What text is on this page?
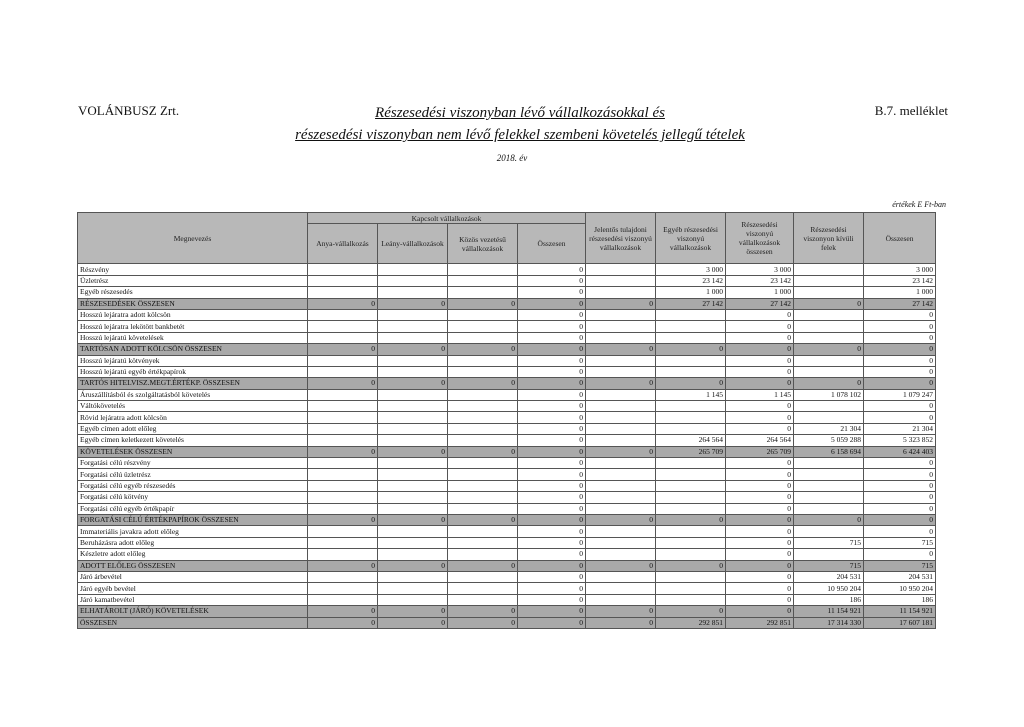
VOLÁNBUSZ Zrt.	Részesedési viszonyban lévő vállalkozásokkal és
részesedési viszonyban nem lévő felekkel szembeni követelés jellegű tételek
B.7. melléklet
2018. év
értékek E Ft-ban
Megnevezés	Kapcsolt vállalkozások				Jelentős tulajdoni részesedési viszonyú vállalkozások	Egyéb részesedési viszonyú vállalkozások	Részesedési viszonyú vállalkozások összesen	Részesedési viszonyon kívüli felek	Összesen
	Anya-vállalkozás	Leány-vállalkozások	Közös vezetésű vállalkozások	Összesen					
Részvény				0		3 000	3 000		3 000
Üzletrész				0		23 142	23 142		23 142
Egyéb részesedés				0		1 000	1 000		1 000
RÉSZESEDÉSEK ÖSSZESEN	0	0	0	0	0	27 142	27 142	0	27 142
Hosszú lejáratra adott kölcsön				0			0		0
Hosszú lejáratra lekötött bankbetét				0			0		0
Hosszú lejáratú követelések				0			0		0
TARTÓSAN ADOTT KÖLCSÖN ÖSSZESEN	0	0	0	0	0	0	0	0	0
Hosszú lejáratú kötvények				0			0		0
Hosszú lejáratú egyéb értékpapírok				0			0		0
TARTÓS HITELVISZ.MEGT.ÉRTÉKP. ÖSSZESEN	0	0	0	0	0	0	0	0	0
Áruszállításból és szolgáltatásból követelés				0		1 145	1 145	1 078 102	1 079 247
Váltókövetelés				0			0		0
Rövid lejáratra adott kölcsön				0			0		0
Egyéb címen adott előleg				0			0	21 304	21 304
Egyéb címen keletkezett követelés				0		264 564	264 564	5 059 288	5 323 852
KÖVETELÉSEK ÖSSZESEN	0	0	0	0	0	265 709	265 709	6 158 694	6 424 403
Forgatási célú részvény				0			0		0
Forgatási célú üzletrész				0			0		0
Forgatási célú egyéb részesedés				0			0		0
Forgatási célú kötvény				0			0		0
Forgatási célú egyéb értékpapír				0			0		0
FORGATÁSI CÉLÚ ÉRTÉKPAPÍROK ÖSSZESEN	0	0	0	0	0	0	0	0	0
Immateriális javakra adott előleg				0			0		0
Beruházásra adott előleg				0			0	715	715
Készletre adott előleg				0			0		0
ADOTT ELŐLEG ÖSSZESEN	0	0	0	0	0	0	0	715	715
Járó árbevétel				0			0	204 531	204 531
Járó egyéb bevétel				0			0	10 950 204	10 950 204
Járó kamatbevétel				0			0	186	186
ELHATÁROLT (JÁRÓ) KÖVETELÉSEK	0	0	0	0	0	0	0	11 154 921	11 154 921
ÖSSZESEN	0	0	0	0	0	292 851	292 851	17 314 330	17 607 181
